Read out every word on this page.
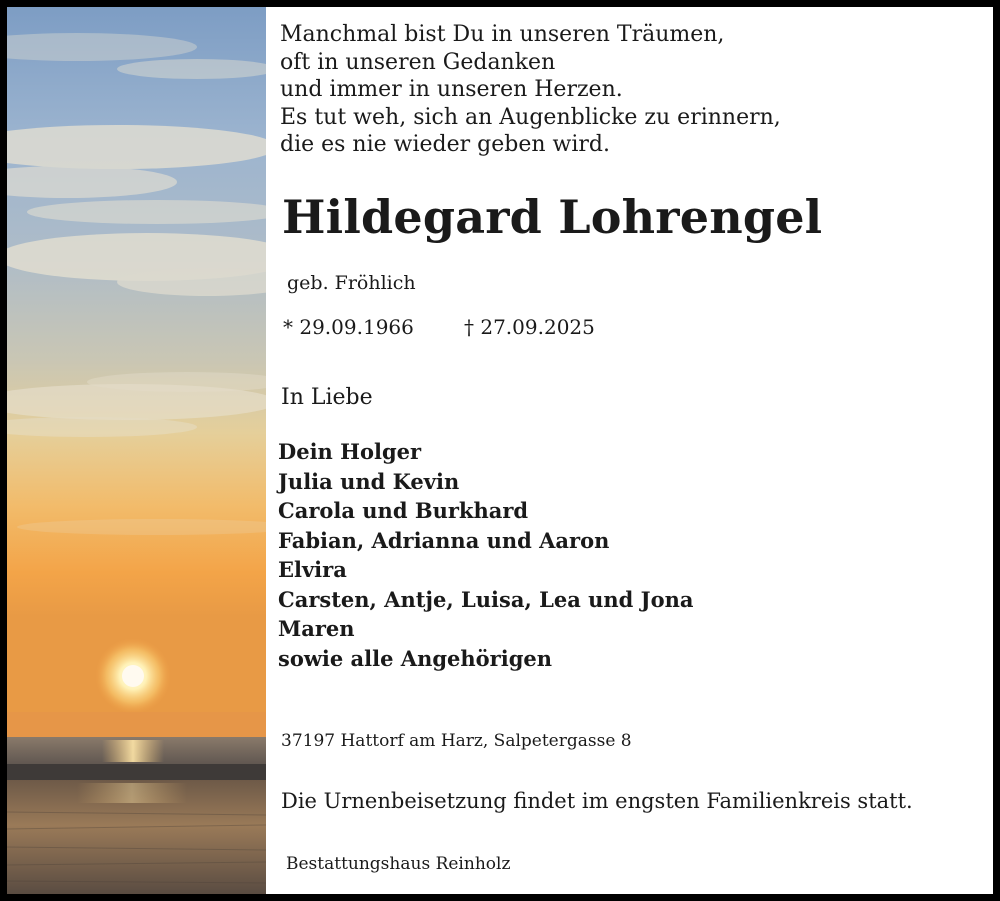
Manchmal bist Du in unseren Träumen,
oft in unseren Gedanken
und immer in unseren Herzen.
Es tut weh, sich an Augenblicke zu erinnern,
die es nie wieder geben wird.
Hildegard Lohrengel
geb. Fröhlich
* 29.09.1966	† 27.09.2025
In Liebe
Dein Holger
Julia und Kevin
Carola und Burkhard
Fabian, Adrianna und Aaron
Elvira
Carsten, Antje, Luisa, Lea und Jona
Maren
sowie alle Angehörigen
37197 Hattorf am Harz, Salpetergasse 8
Die Urnenbeisetzung findet im engsten Familienkreis statt.
Bestattungshaus Reinholz
